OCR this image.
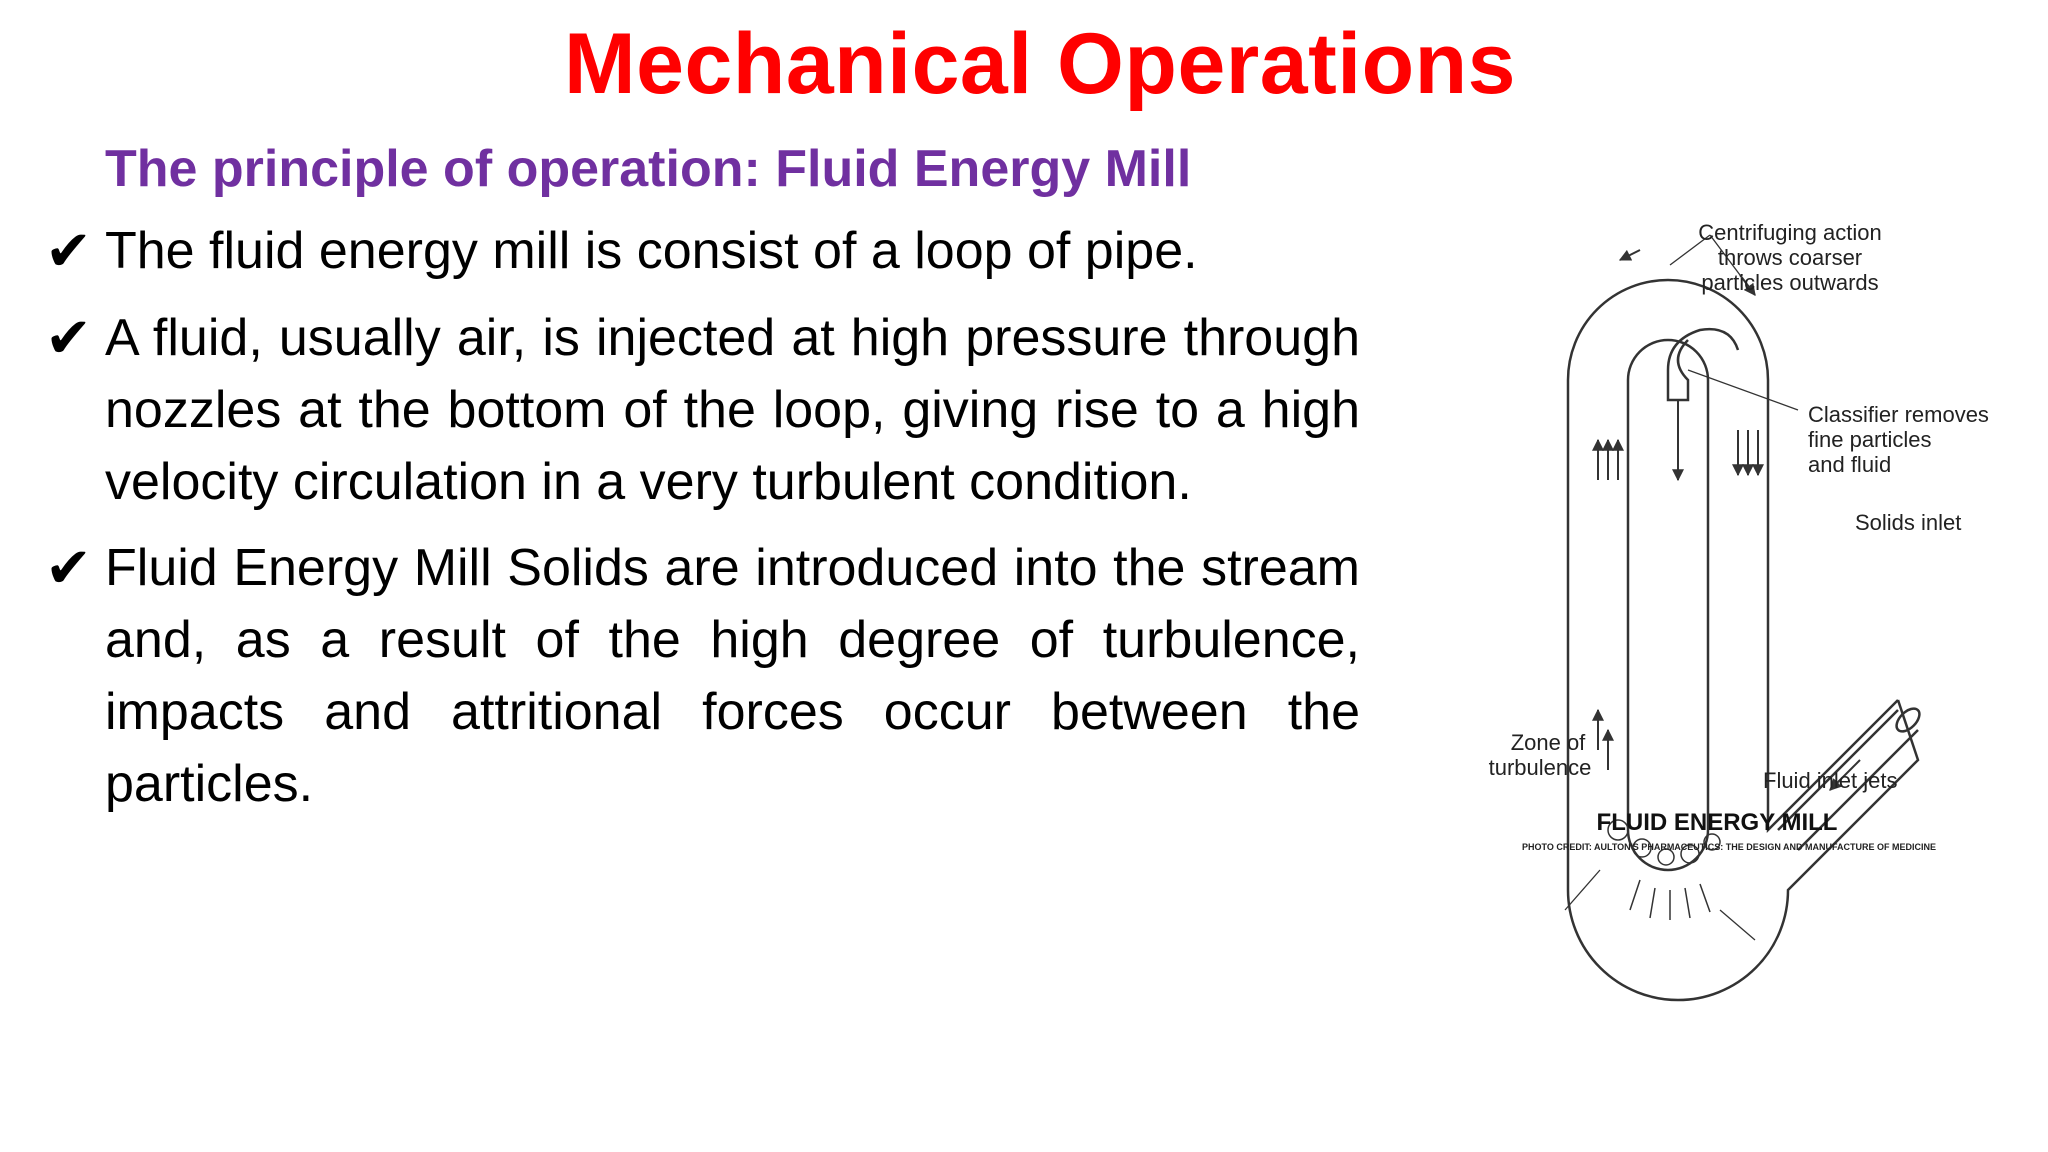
Mechanical Operations
The principle of operation: Fluid Energy Mill
✔ The fluid energy mill is consist of a loop of pipe.
✔ A fluid, usually air, is injected at high pressure through nozzles at the bottom of the loop, giving rise to a high velocity circulation in a very turbulent condition.
✔ Fluid Energy Mill Solids are introduced into the stream and, as a result of the high degree of turbulence, impacts and attritional forces occur between the particles.
Centrifuging action
throws coarser
particles outwards
Classifier removes
fine particles
and fluid
Solids inlet
Zone of
turbulence
Fluid inlet jets
FLUID ENERGY MILL
PHOTO CREDIT: AULTON'S PHARMACEUTICS: THE DESIGN AND MANUFACTURE OF MEDICINE
